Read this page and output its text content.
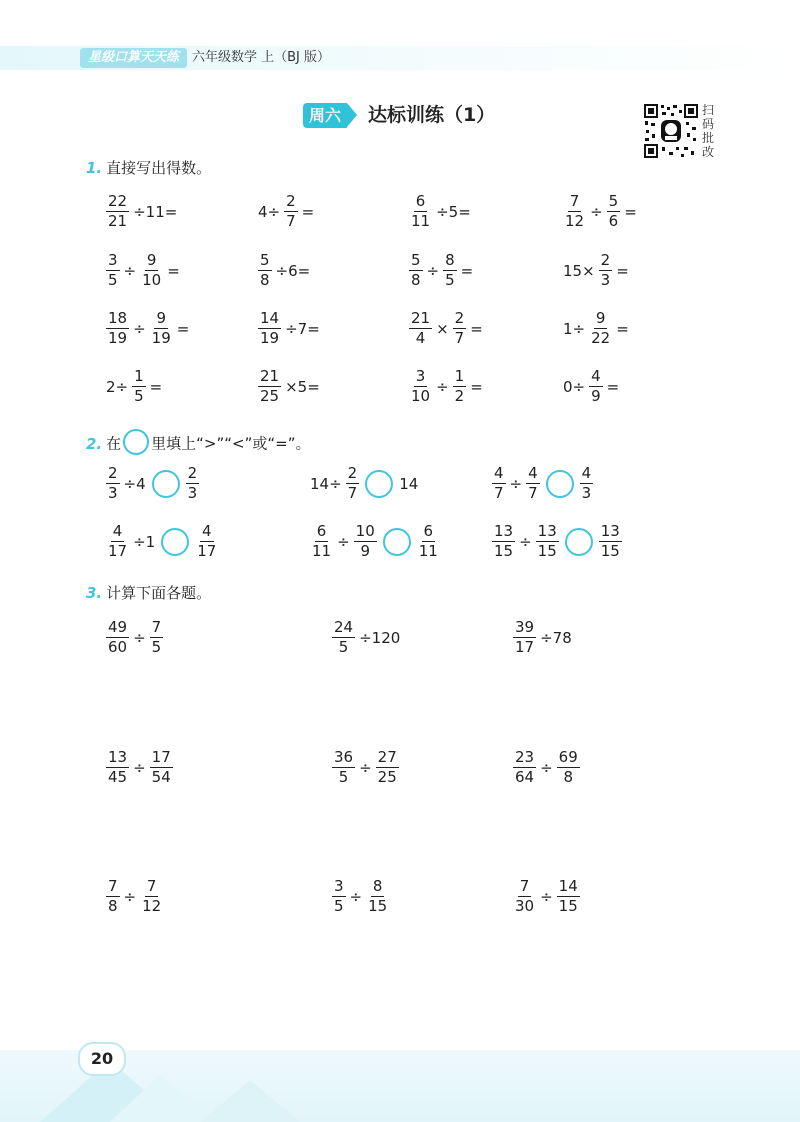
星级口算天天练 六年级数学 上（BJ 版）
周六	达标训练（1）	扫
码
批
改
1. 直接写出得数。
$\frac{22}{21} \div 11=$	$4\div \frac{2}{7}$ =	$\frac{6}{11} \div 5=$	$\frac{7}{12} \div \frac{5}{6}$ =
$\frac{3}{5} \div \frac{9}{10}$ =	$\frac{5}{8} \div 6=$	$\frac{5}{8} \div \frac{8}{5}$ =	$15\times \frac{2}{3}$ =
$\frac{18}{19} \div \frac{9}{19}$ =	$\frac{14}{19} \div 7=$	$\frac{21}{4} \times \frac{2}{7}$ =	$1\div \frac{9}{22}$ =
$2\div \frac{1}{5}$ =	$\frac{21}{25} \times 5=$	$\frac{3}{10} \div \frac{1}{2}$ =	$0\div \frac{4}{9}$ =
2. 在 里填上“>”“<”或“=”。
$\frac{2}{3} \div 4$	$\frac{2}{3}$	$14\div \frac{2}{7}$	14	$\frac{4}{7} \div \frac{4}{7}$	$\frac{4}{3}$
$\frac{4}{17} \div 1$	$\frac{4}{17}$	$\frac{6}{11} \div \frac{10}{9}$	$\frac{6}{11}$	$\frac{13}{15} \div \frac{13}{15}$	$\frac{13}{15}$
3. 计算下面各题。
$\frac{49}{60} \div \frac{7}{5}$	$\frac{24}{5} \div 120$	$\frac{39}{17} \div 78$
$\frac{13}{45} \div \frac{17}{54}$	$\frac{36}{5} \div \frac{27}{25}$	$\frac{23}{64} \div \frac{69}{8}$
$\frac{7}{8} \div \frac{7}{12}$	$\frac{3}{5} \div \frac{8}{15}$	$\frac{7}{30} \div \frac{14}{15}$
20
